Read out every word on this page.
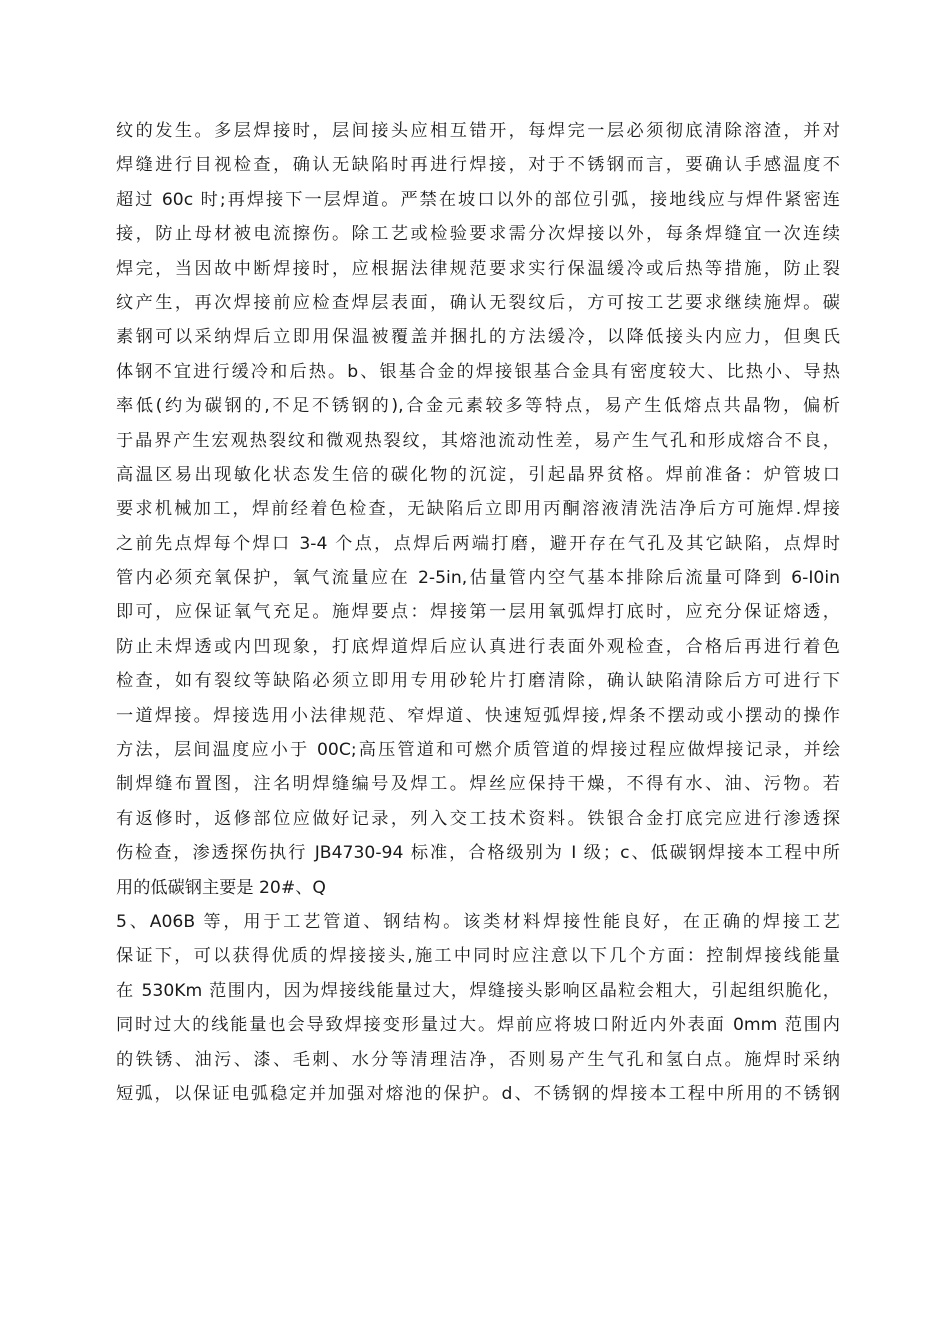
纹的发生。多层焊接时，层间接头应相互错开，每焊完一层必须彻底清除溶渣，并对
焊缝进行目视检查，确认无缺陷时再进行焊接，对于不锈钢而言，要确认手感温度不
超过 60c 时;再焊接下一层焊道。严禁在坡口以外的部位引弧，接地线应与焊件紧密连
接，防止母材被电流擦伤。除工艺或检验要求需分次焊接以外，每条焊缝宜一次连续
焊完，当因故中断焊接时，应根据法律规范要求实行保温缓冷或后热等措施，防止裂
纹产生，再次焊接前应检查焊层表面，确认无裂纹后，方可按工艺要求继续施焊。碳
素钢可以采纳焊后立即用保温被覆盖并捆扎的方法缓冷，以降低接头内应力，但奥氏
体钢不宜进行缓冷和后热。b、银基合金的焊接银基合金具有密度较大、比热小、导热
率低(约为碳钢的,不足不锈钢的),合金元素较多等特点，易产生低熔点共晶物，偏析
于晶界产生宏观热裂纹和微观热裂纹，其熔池流动性差，易产生气孔和形成熔合不良，
高温区易出现敏化状态发生倍的碳化物的沉淀，引起晶界贫格。焊前准备：炉管坡口
要求机械加工，焊前经着色检查，无缺陷后立即用丙酮溶液清洗洁净后方可施焊.焊接
之前先点焊每个焊口 3-4 个点，点焊后两端打磨，避开存在气孔及其它缺陷，点焊时
管内必须充氧保护，氧气流量应在 2-5in,估量管内空气基本排除后流量可降到 6-I0in
即可，应保证氧气充足。施焊要点：焊接第一层用氧弧焊打底时，应充分保证熔透，
防止未焊透或内凹现象，打底焊道焊后应认真进行表面外观检查，合格后再进行着色
检查，如有裂纹等缺陷必须立即用专用砂轮片打磨清除，确认缺陷清除后方可进行下
一道焊接。焊接选用小法律规范、窄焊道、快速短弧焊接,焊条不摆动或小摆动的操作
方法，层间温度应小于 00C;高压管道和可燃介质管道的焊接过程应做焊接记录，并绘
制焊缝布置图，注名明焊缝编号及焊工。焊丝应保持干燥，不得有水、油、污物。若
有返修时，返修部位应做好记录，列入交工技术资料。铁银合金打底完应进行渗透探
伤检查，渗透探伤执行 JB4730-94 标准，合格级别为 I 级；c、低碳钢焊接本工程中所
用的低碳钢主要是 20#、Q
5、A06B 等，用于工艺管道、钢结构。该类材料焊接性能良好，在正确的焊接工艺
保证下，可以获得优质的焊接接头,施工中同时应注意以下几个方面：控制焊接线能量
在 530Km 范围内，因为焊接线能量过大，焊缝接头影响区晶粒会粗大，引起组织脆化，
同时过大的线能量也会导致焊接变形量过大。焊前应将坡口附近内外表面 0mm 范围内
的铁锈、油污、漆、毛刺、水分等清理洁净，否则易产生气孔和氢白点。施焊时采纳
短弧，以保证电弧稳定并加强对熔池的保护。d、不锈钢的焊接本工程中所用的不锈钢
